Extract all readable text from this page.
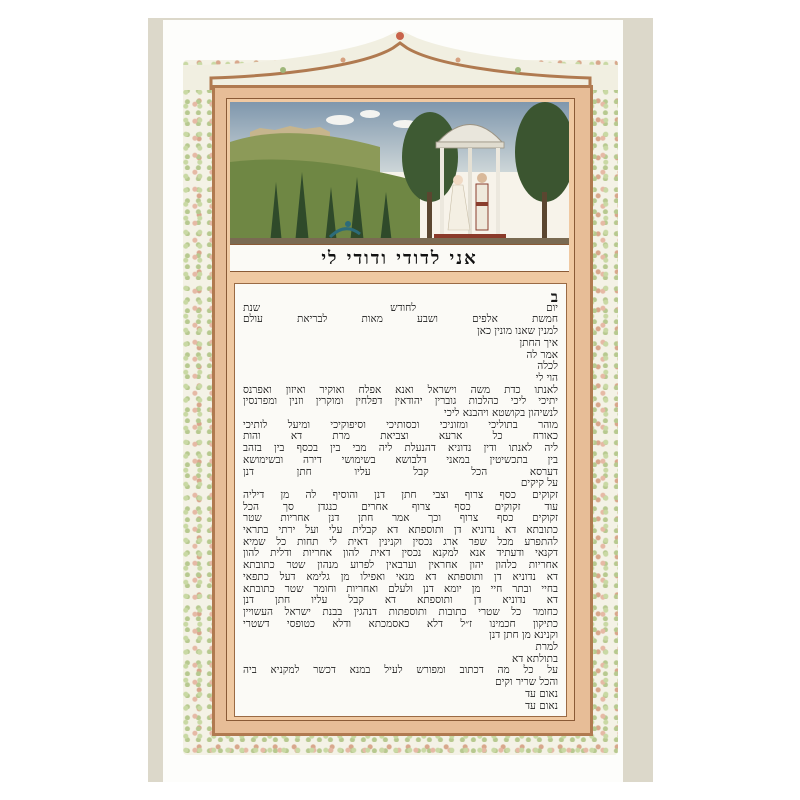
אני לדודי ודודי לי
ב
יום לחודש שנת
חמשת אלפים ושבע מאות לבריאת עולם
למנין שאנו מונין כאן
איך החתן
אמר לה
לכלה
הוי לי
לאנתו כדת משה וישראל ואנא אפלח ואוקיר ואיזון ואפרנס
יתיכי ליכי כהלכות גוברין יהודאין דפלחין ומוקרין וזנין ומפרנסין
לנשיהון בקושטא ויהבנא ליכי
מוהר בתוליכי ומזוניכי וכסותיכי וסיפוקיכי ומיעל לותיכי
כאורח כל ארעא וצביאת מרת דא והות
ליה לאנתו ודין נדוניא דהנעלת ליה מבי בין בכסף בין בזהב
בין בתכשיטין במאני דלבושא בשימושי דירה ובשימושא
דערסא הכל קבל עליו חתן דנן
על קיקים
זקוקים כסף צרוף וצבי חתן דנן והוסיף לה מן דיליה
עוד זקוקים כסף צרוף אחרים כנגדן סך הכל
זקוקים כסף צרוף וכך אמר חתן דנן אחריות שטר
כתובתא דא נדוניא דן ותוספתא דא קבלית עלי ועל ירתי בתראי
להתפרע מכל שפר ארג נכסין וקנינין דאית לי תחות כל שמיא
דקנאי ודעתיד אנא למקנא נכסין דאית להון אחריות ודלית להון
אחריות כלהון יהון אחראין וערבאין לפרוע מנהון שטר כתובתא
דא נדוניא דן ותוספתא דא מנאי ואפילו מן גלימא דעל כתפאי
בחיי ובתר חיי מן יומא דנן ולעלם ואחריות וחומר שטר כתובתא
דא נדוניא דן ותוספתא דא קבל עליו חתן דנן
כחומר כל שטרי כתובות ותוספתות דנהגין בבנת ישראל העשויין
כתיקון חכמינו ז״ל דלא כאסמכתא ודלא כטופסי דשטרי
וקנינא מן חתן דנן
למרת
בתולתא דא
על כל מה דכתוב ומפורש לעיל במנא דכשר למקניא ביה
והכל שריר וקים
נאום עד
נאום עד
